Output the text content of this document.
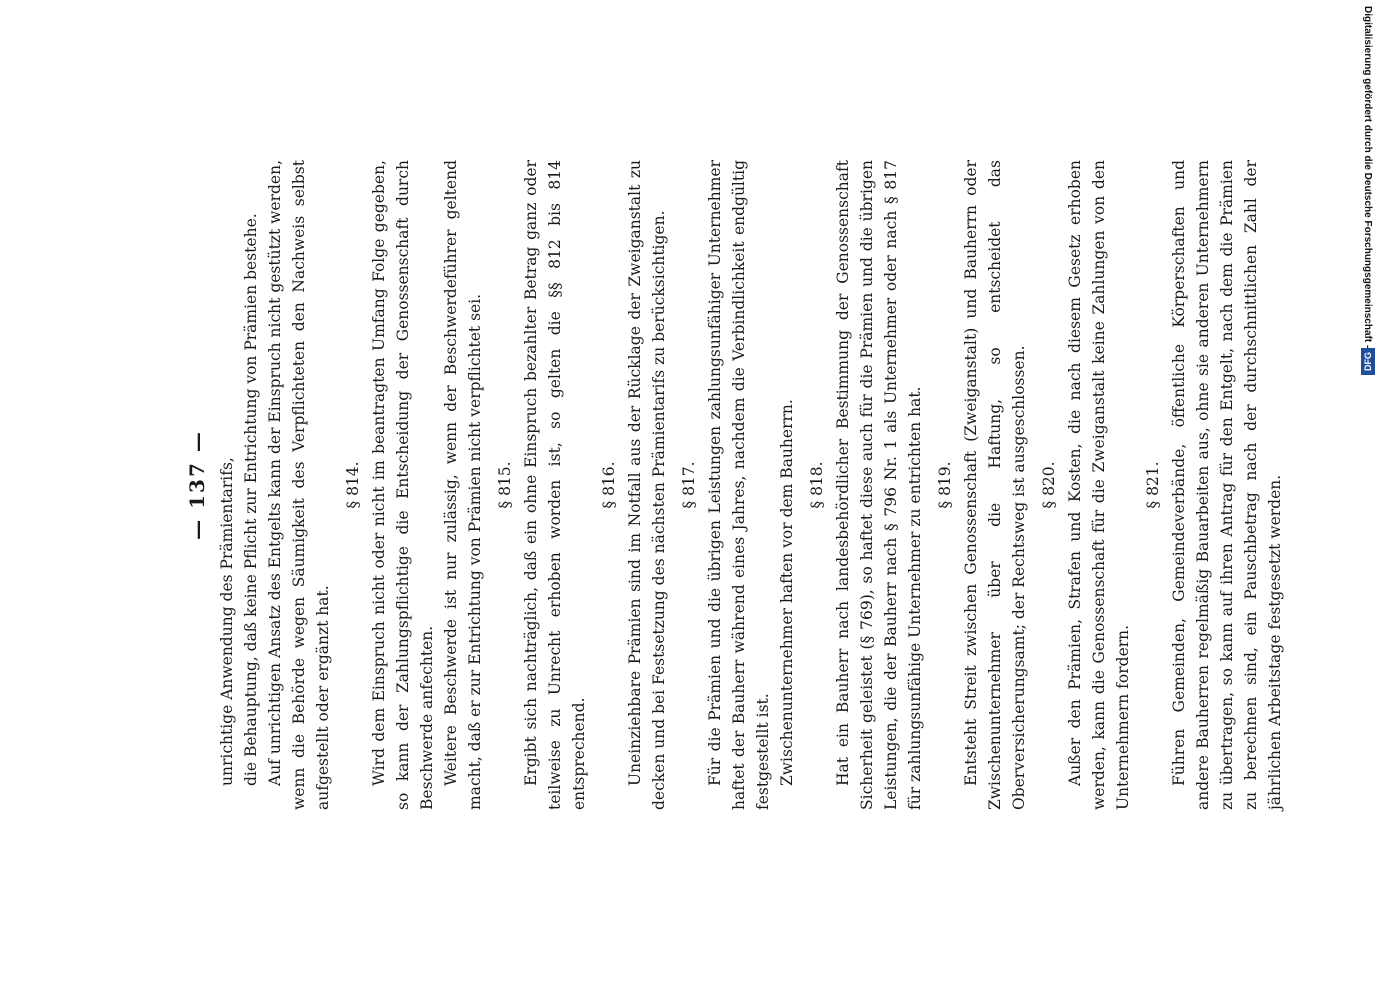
— 137 — unrichtige Anwendung des Prämientarifs, die Behauptung, daß keine Pflicht zur Entrichtung von Prämien bestehe. Auf unrichtigen Ansatz des Entgelts kann der Einspruch nicht gestützt werden, wenn die Behörde wegen Säumigkeit des Verpflichteten den Nachweis selbst aufgestellt oder ergänzt hat.

§ 814. Wird dem Einspruch nicht oder nicht im beantragten Umfang Folge gegeben, so kann der Zahlungspflichtige die Entscheidung der Genossenschaft durch Beschwerde anfechten. Weitere Beschwerde ist nur zulässig, wenn der Beschwerdeführer geltend macht, daß er zur Entrichtung von Prämien nicht verpflichtet sei. § 815. Ergibt sich nachträglich, daß ein ohne Einspruch bezahlter Betrag ganz oder teilweise zu Unrecht erhoben worden ist, so gelten die §§ 812 bis 814 entsprechend.

§ 816. Uneinziehbare Prämien sind im Notfall aus der Rücklage der Zweiganstalt zu decken und bei Festsetzung des nächsten Prämientarifs zu berücksichtigen. § 817. Für die Prämien und die übrigen Leistungen zahlungsunfähiger Unternehmer haftet der Bauherr während eines Jahres, nachdem die Verbindlichkeit endgültig festgestellt ist. Zwischenunternehmer haften vor dem Bauherrn. § 818. Hat ein Bauherr nach landesbehördlicher Bestimmung der Genossenschaft Sicherheit geleistet (§ 769), so haftet diese auch für die Prämien und die übrigen Leistungen, die der Bauherr nach § 796 Nr. 1 als Unternehmer oder nach § 817 für zahlungsunfähige Unternehmer zu entrichten hat. § 819. Entsteht Streit zwischen Genossenschaft (Zweiganstalt) und Bauherrn oder Zwischenunternehmer über die Haftung, so entscheidet das Oberversicherungsamt; der Rechtsweg ist ausgeschlossen. § 820. Außer den Prämien, Strafen und Kosten, die nach diesem Gesetz erhoben werden, kann die Genossenschaft für die Zweiganstalt keine Zahlungen von den Unternehmern fordern.

§ 821. Führen Gemeinden, Gemeindeverbände, öffentliche Körperschaften und andere Bauherren regelmäßig Bauarbeiten aus, ohne sie anderen Unternehmern zu übertragen, so kann auf ihren Antrag für den Entgelt, nach dem die Prämien zu berechnen sind, ein Pauschbetrag nach der durchschnittlichen Zahl der jährlichen Arbeitstage festgesetzt werden.

Digitalisierung gefördert durch die Deutsche Forschungsgemeinschaft -
DFG
